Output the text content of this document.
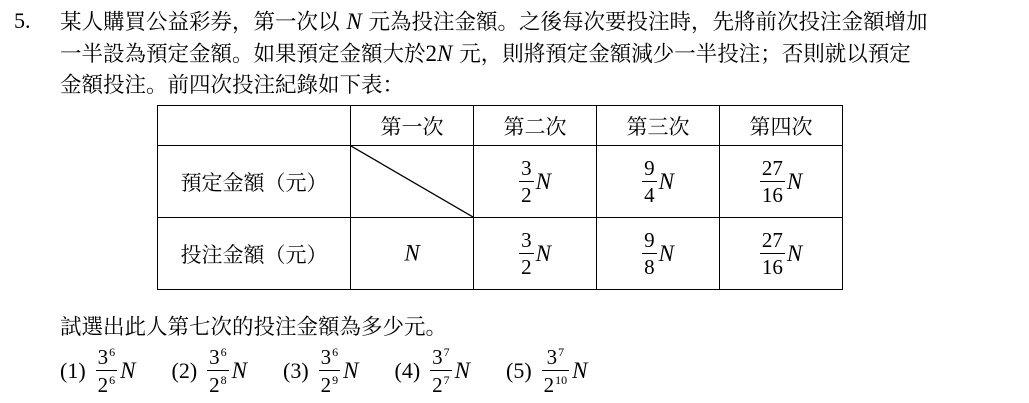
5. 某人購買公益彩券，第一次以 N 元為投注金額。之後每次要投注時，先將前次投注金額增加
一半設為預定金額。如果預定金額大於2N 元，則將預定金額減少一半投注；否則就以預定
金額投注。前四次投注紀錄如下表：
	第一次	第二次	第三次	第四次
預定金額（元）		$\frac{3}{2}$ N	$\frac{9}{4}$ N	$\frac{27}{16}$ N
投注金額（元）	N	$\frac{3}{2}$ N	$\frac{9}{8}$ N	$\frac{27}{16}$ N
試選出此人第七次的投注金額為多少元。
$(1) \frac{3^6}{2^6}$ N $(2) \frac{3^6}{2^8}$ N $(3) \frac{3^6}{2^9}$ N $(4) \frac{3^7}{2^7}$ N $(5) \frac{3^7}{2^{10}}$ N
